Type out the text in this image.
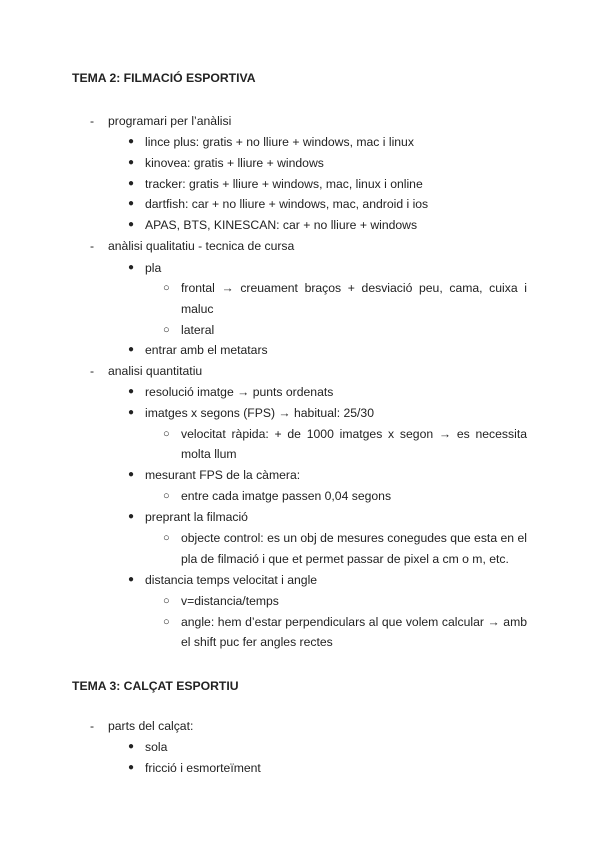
TEMA 2: FILMACIÓ ESPORTIVA
- programari per l’anàlisi
● lince plus: gratis + no lliure + windows, mac i linux
● kinovea: gratis + lliure + windows
● tracker: gratis + lliure + windows, mac, linux i online
● dartfish: car + no lliure + windows, mac, android i ios
● APAS, BTS, KINESCAN: car + no lliure + windows
- anàlisi qualitatiu - tecnica de cursa
● pla
○ frontal → creuament braços + desviació peu, cama, cuixa i
maluc
○ lateral
● entrar amb el metatars
- analisi quantitatiu
● resolució imatge → punts ordenats
● imatges x segons (FPS) → habitual: 25/30
○ velocitat ràpida: + de 1000 imatges x segon → es necessita
molta llum
● mesurant FPS de la càmera:
○ entre cada imatge passen 0,04 segons
● preprant la filmació
○ objecte control: es un obj de mesures conegudes que esta en el
pla de filmació i que et permet passar de pixel a cm o m, etc.
● distancia temps velocitat i angle
○ v=distancia/temps
○ angle: hem d’estar perpendiculars al que volem calcular → amb
el shift puc fer angles rectes
TEMA 3: CALÇAT ESPORTIU
- parts del calçat:
● sola
● fricció i esmorteïment
